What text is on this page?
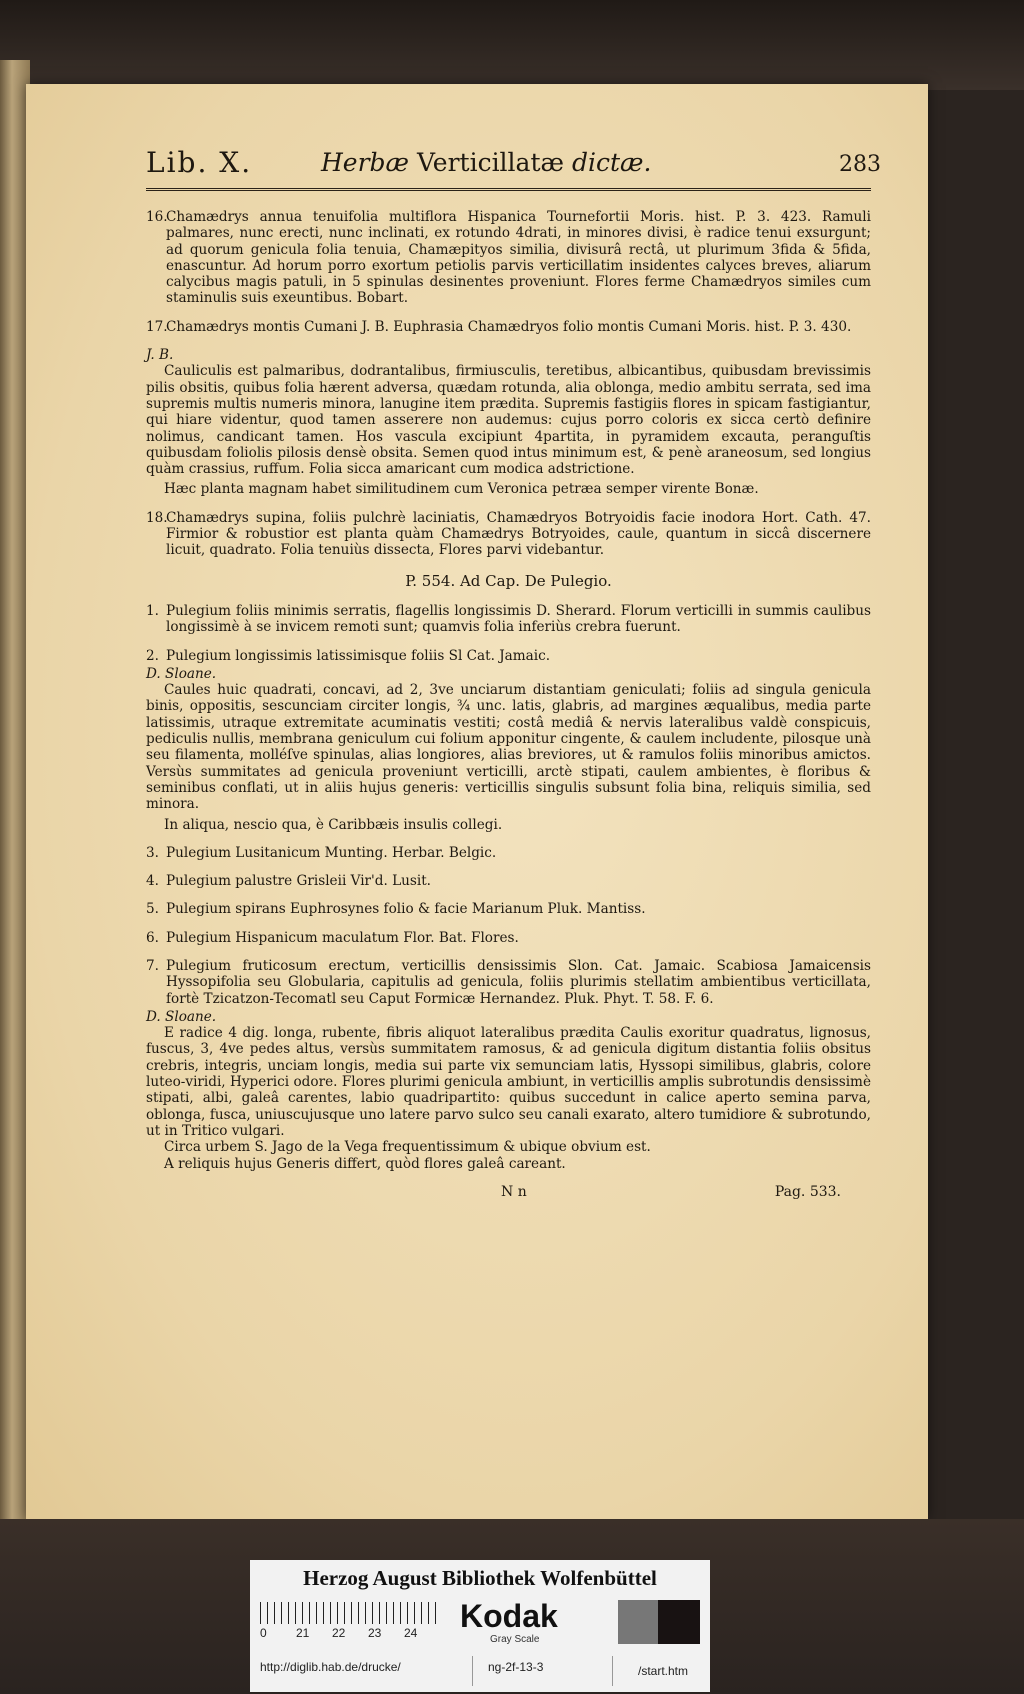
Lib. X.	Herbæ Verticillatæ dictæ.	283

16.Chamædrys annua tenuifolia multiflora Hispanica Tournefortii Moris. hist. P. 3. 423. Ramuli palmares, nunc erecti, nunc inclinati, ex rotundo 4drati, in minores divisi, è radice tenui exsurgunt; ad quorum genicula folia tenuia, Chamæpityos similia, divisurâ rectâ, ut plurimum 3fida & 5fida, enascuntur. Ad horum porro exortum petiolis parvis verticillatim insidentes calyces breves, aliarum calycibus magis patuli, in 5 spinulas desinentes proveniunt. Flores ferme Chamædryos similes cum staminulis suis exeuntibus. Bobart.

17.Chamædrys montis Cumani J. B. Euphrasia Chamædryos folio montis Cumani Moris. hist. P. 3. 430.

J. B.

Cauliculis est palmaribus, dodrantalibus, firmiusculis, teretibus, albicantibus, quibusdam brevissimis pilis obsitis, quibus folia hærent adversa, quædam rotunda, alia oblonga, medio ambitu serrata, sed ima supremis multis numeris minora, lanugine item prædita. Supremis fastigiis flores in spicam fastigiantur, qui hiare videntur, quod tamen asserere non audemus: cujus porro coloris ex sicca certò definire nolimus, candicant tamen. Hos vascula excipiunt 4partita, in pyramidem excauta, peranguſtis quibusdam foliolis pilosis densè obsita. Semen quod intus minimum est, & penè araneosum, sed longius quàm crassius, ruffum. Folia sicca amaricant cum modica adstrictione.

Hæc planta magnam habet similitudinem cum Veronica petræa semper virente Bonæ.

18.Chamædrys supina, foliis pulchrè laciniatis, Chamædryos Botryoidis facie inodora Hort. Cath. 47. Firmior & robustior est planta quàm Chamædrys Botryoides, caule, quantum in siccâ discernere licuit, quadrato. Folia tenuiùs dissecta, Flores parvi videbantur.

P. 554. Ad Cap. De Pulegio.

1. Pulegium foliis minimis serratis, flagellis longissimis D. Sherard. Florum verticilli in summis caulibus longissimè à se invicem remoti sunt; quamvis folia inferiùs crebra fuerunt.

2. Pulegium longissimis latissimisque foliis Sl Cat. Jamaic.

D. Sloane.

Caules huic quadrati, concavi, ad 2, 3ve unciarum distantiam geniculati; foliis ad singula genicula binis, oppositis, sescunciam circiter longis, ¾ unc. latis, glabris, ad margines æqualibus, media parte latissimis, utraque extremitate acuminatis vestiti; costâ mediâ & nervis lateralibus valdè conspicuis, pediculis nullis, membrana geniculum cui folium apponitur cingente, & caulem includente, pilosque unà seu filamenta, molléſve spinulas, alias longiores, alias breviores, ut & ramulos foliis minoribus amictos. Versùs summitates ad genicula proveniunt verticilli, arctè stipati, caulem ambientes, è floribus & seminibus conflati, ut in aliis hujus generis: verticillis singulis subsunt folia bina, reliquis similia, sed minora.

In aliqua, nescio qua, è Caribbæis insulis collegi.

3. Pulegium Lusitanicum Munting. Herbar. Belgic.

4. Pulegium palustre Grisleii Vir'd. Lusit.

5. Pulegium spirans Euphrosynes folio & facie Marianum Pluk. Mantiss.

6. Pulegium Hispanicum maculatum Flor. Bat. Flores.

7. Pulegium fruticosum erectum, verticillis densissimis Slon. Cat. Jamaic. Scabiosa Jamaicensis Hyssopifolia seu Globularia, capitulis ad genicula, foliis plurimis stellatim ambientibus verticillata, fortè Tzicatzon-Tecomatl seu Caput Formicæ Hernandez. Pluk. Phyt. T. 58. F. 6.

D. Sloane.

E radice 4 dig. longa, rubente, fibris aliquot lateralibus prædita Caulis exoritur quadratus, lignosus, fuscus, 3, 4ve pedes altus, versùs summitatem ramosus, & ad genicula digitum distantia foliis obsitus crebris, integris, unciam longis, media sui parte vix semunciam latis, Hyssopi similibus, glabris, colore luteo-viridi, Hyperici odore. Flores plurimi genicula ambiunt, in verticillis amplis subrotundis densissimè stipati, albi, galeâ carentes, labio quadripartito: quibus succedunt in calice aperto semina parva, oblonga, fusca, uniuscujusque uno latere parvo sulco seu canali exarato, altero tumidiore & subrotundo, ut in Tritico vulgari.

Circa urbem S. Jago de la Vega frequentissimum & ubique obvium est.

A reliquis hujus Generis differt, quòd flores galeâ careant.

N n	Pag. 533.
Herzog August Bibliothek Wolfenbüttel
0 21 22 23 24	Kodak
Gray Scale
http://diglib.hab.de/drucke/	ng-2f-13-3	/start.htm
